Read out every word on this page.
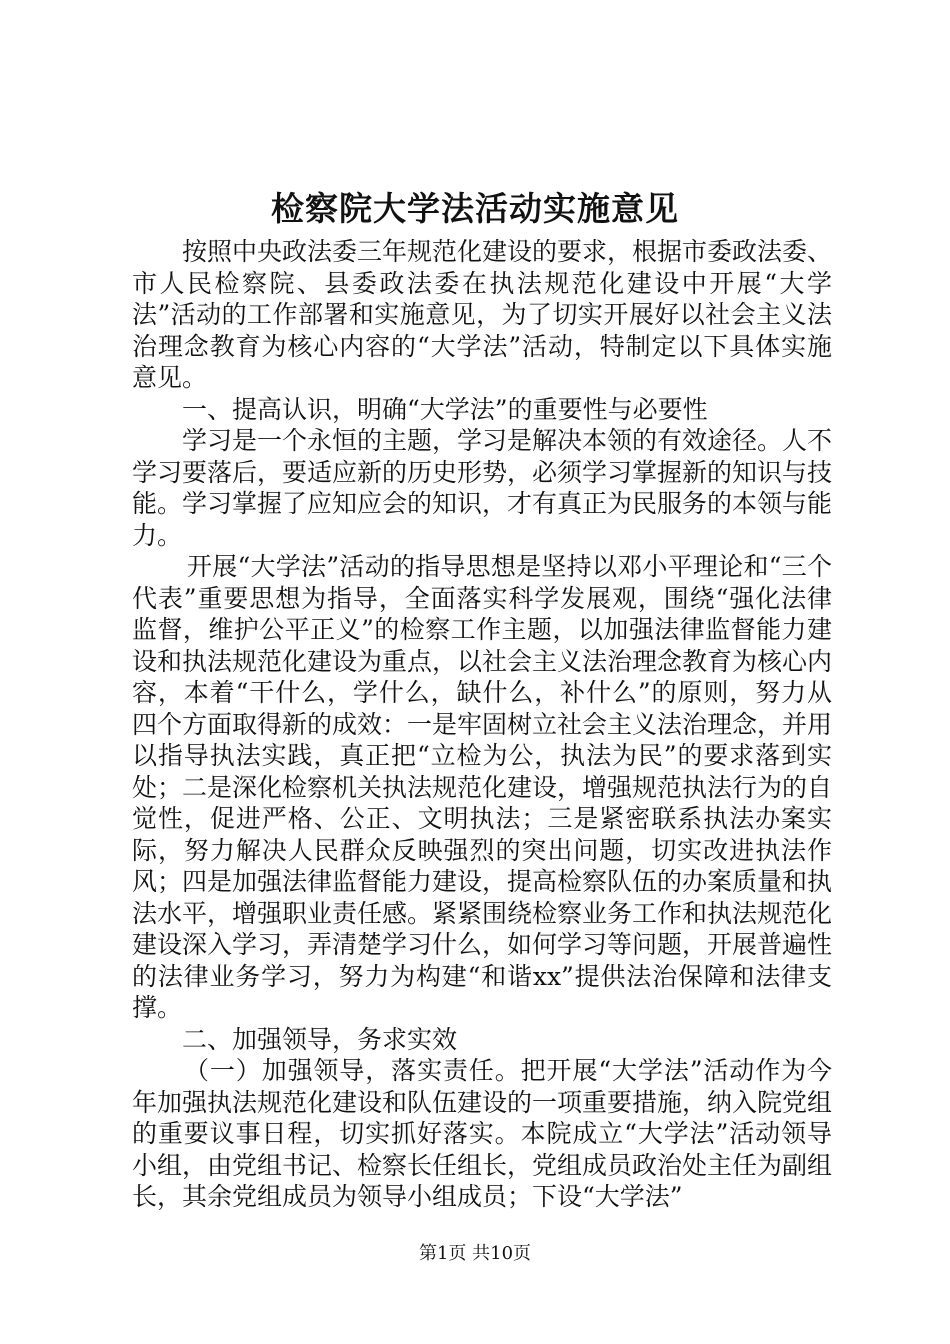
检察院大学法活动实施意见

按照中央政法委三年规范化建设的要求，根据市委政法委、市人民检察院、县委政法委在执法规范化建设中开展“大学法”活动的工作部署和实施意见，为了切实开展好以社会主义法治理念教育为核心内容的“大学法”活动，特制定以下具体实施意见。

一、提高认识，明确“大学法”的重要性与必要性

学习是一个永恒的主题，学习是解决本领的有效途径。人不学习要落后，要适应新的历史形势，必须学习掌握新的知识与技能。学习掌握了应知应会的知识，才有真正为民服务的本领与能力。

开展“大学法”活动的指导思想是坚持以邓小平理论和“三个代表”重要思想为指导，全面落实科学发展观，围绕“强化法律监督，维护公平正义”的检察工作主题，以加强法律监督能力建设和执法规范化建设为重点，以社会主义法治理念教育为核心内容，本着“干什么，学什么，缺什么，补什么”的原则，努力从四个方面取得新的成效：一是牢固树立社会主义法治理念，并用以指导执法实践，真正把“立检为公，执法为民”的要求落到实处；二是深化检察机关执法规范化建设，增强规范执法行为的自觉性，促进严格、公正、文明执法；三是紧密联系执法办案实际，努力解决人民群众反映强烈的突出问题，切实改进执法作风；四是加强法律监督能力建设，提高检察队伍的办案质量和执法水平，增强职业责任感。紧紧围绕检察业务工作和执法规范化建设深入学习，弄清楚学习什么，如何学习等问题，开展普遍性的法律业务学习，努力为构建“和谐xx”提供法治保障和法律支撑。

二、加强领导，务求实效

（一）加强领导，落实责任。把开展“大学法”活动作为今年加强执法规范化建设和队伍建设的一项重要措施，纳入院党组的重要议事日程，切实抓好落实。本院成立“大学法”活动领导小组，由党组书记、检察长任组长，党组成员政治处主任为副组长，其余党组成员为领导小组成员；下设“大学法”

第1页 共10页
